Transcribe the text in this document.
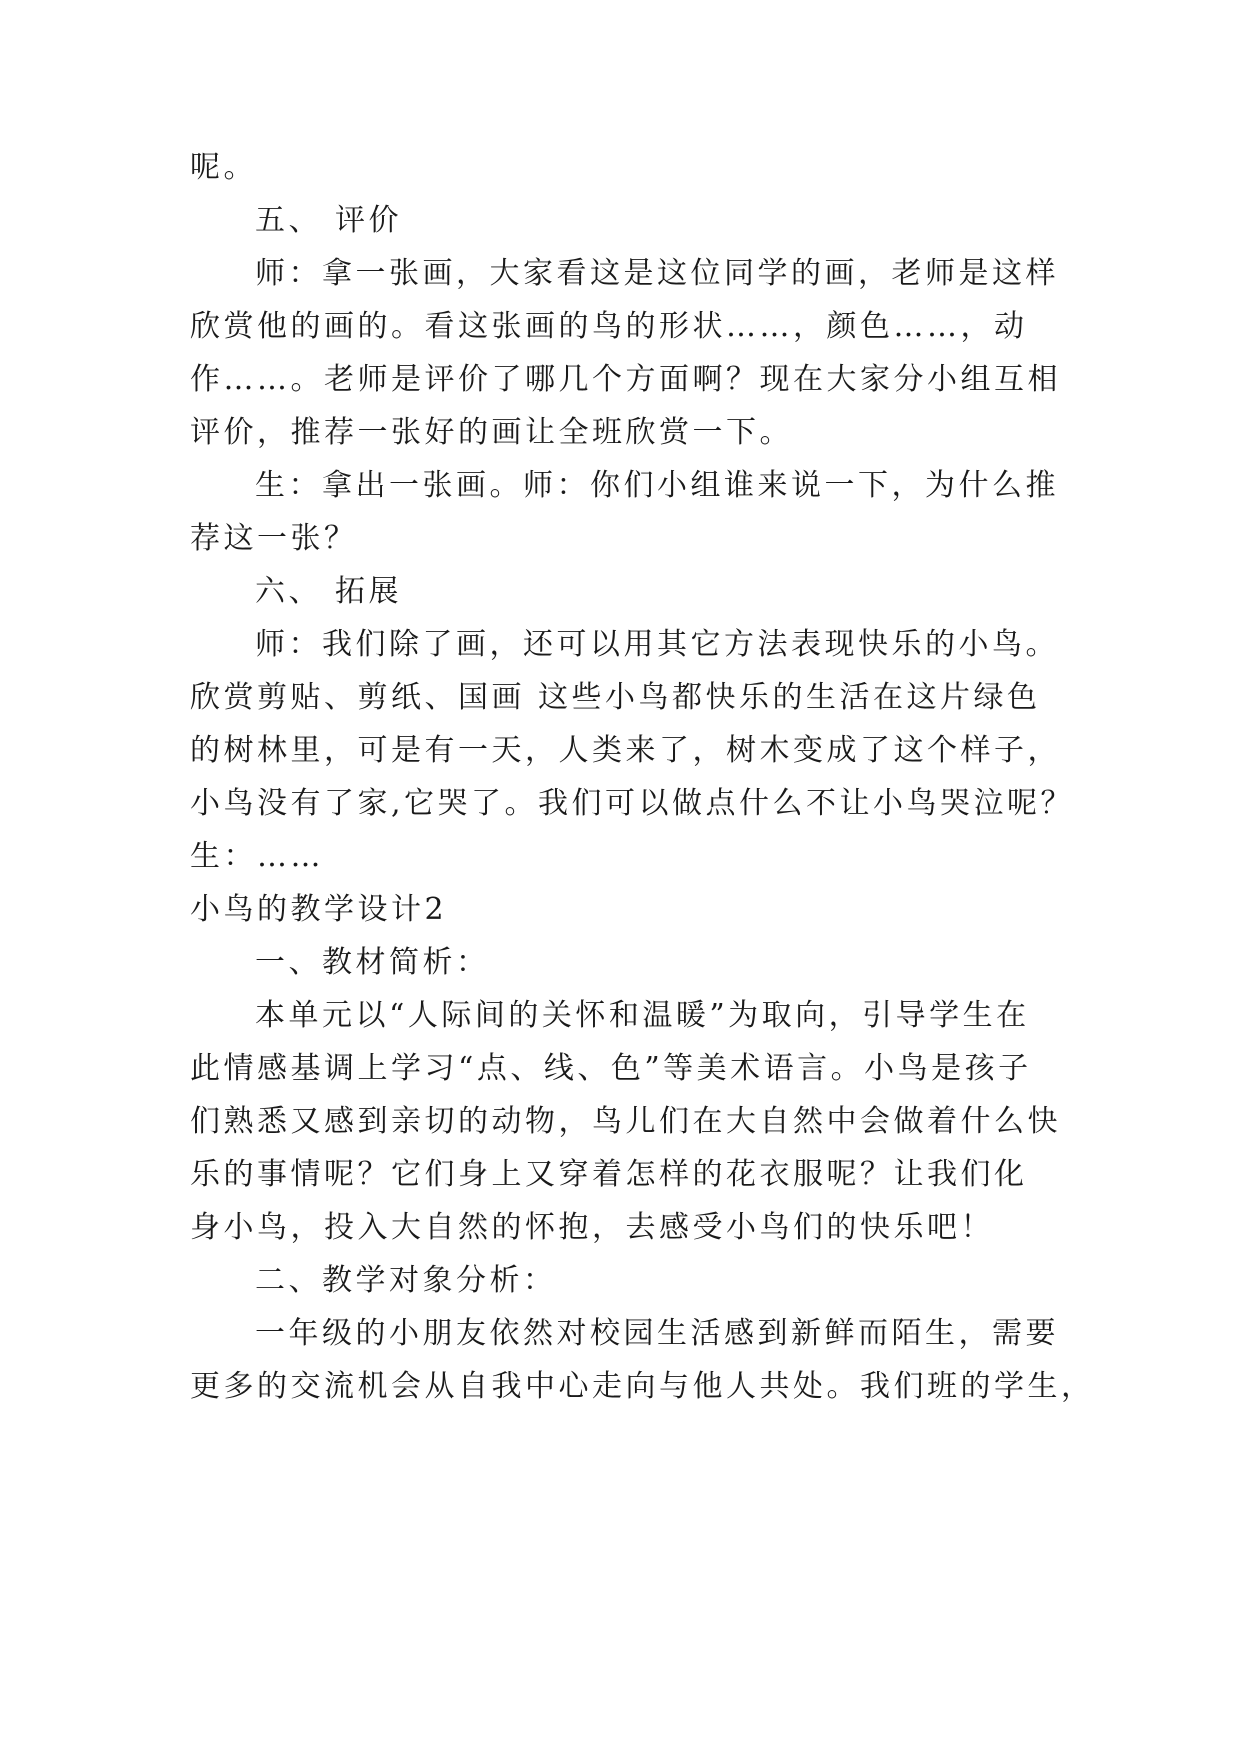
呢。

五、 评价

师：拿一张画，大家看这是这位同学的画，老师是这样

欣赏他的画的。看这张画的鸟的形状……，颜色……，动

作……。老师是评价了哪几个方面啊？现在大家分小组互相

评价，推荐一张好的画让全班欣赏一下。

生：拿出一张画。师：你们小组谁来说一下，为什么推

荐这一张？

六、 拓展

师：我们除了画，还可以用其它方法表现快乐的小鸟。

欣赏剪贴、剪纸、国画 这些小鸟都快乐的生活在这片绿色

的树林里，可是有一天，人类来了，树木变成了这个样子，

小鸟没有了家,它哭了。我们可以做点什么不让小鸟哭泣呢？

生：……

小鸟的教学设计2

一、教材简析：

本单元以“人际间的关怀和温暖”为取向，引导学生在

此情感基调上学习“点、线、色”等美术语言。小鸟是孩子

们熟悉又感到亲切的动物，鸟儿们在大自然中会做着什么快

乐的事情呢？它们身上又穿着怎样的花衣服呢？让我们化

身小鸟，投入大自然的怀抱，去感受小鸟们的快乐吧！

二、教学对象分析：

一年级的小朋友依然对校园生活感到新鲜而陌生，需要

更多的交流机会从自我中心走向与他人共处。我们班的学生，
